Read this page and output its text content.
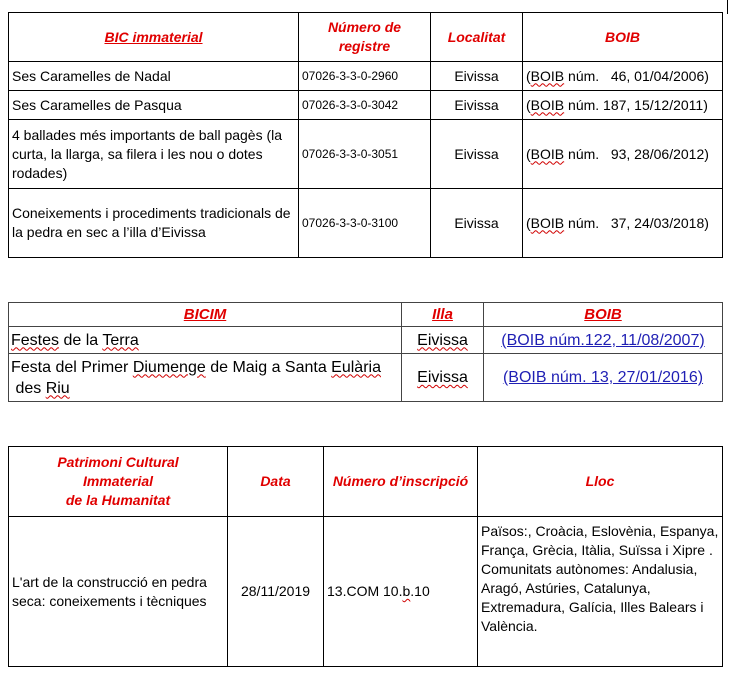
BIC immaterial	Número de registre	Localitat	BOIB
Ses Caramelles de Nadal	07026-3-3-0-2960	Eivissa	(BOIB núm.   46, 01/04/2006)
Ses Caramelles de Pasqua	07026-3-3-0-3042	Eivissa	(BOIB núm. 187, 15/12/2011)
4 ballades més importants de ball pagès (la curta, la llarga, sa filera i les nou o dotes rodades)	07026-3-3-0-3051	Eivissa	(BOIB núm.   93, 28/06/2012)
Coneixements i procediments tradicionals de la pedra en sec a l’illa d’Eivissa	07026-3-3-0-3100	Eivissa	(BOIB núm.   37, 24/03/2018)
BICIM	Illa	BOIB
Festes de la Terra	Eivissa	(BOIB núm.122, 11/08/2007)
Festa del Primer Diumenge de Maig a Santa Eulària des Riu	Eivissa	(BOIB núm. 13, 27/01/2016)
Patrimoni Cultural
Immaterial
de la Humanitat	Data	Número d’inscripció	Lloc
L'art de la construcció en pedra seca: coneixements i tècniques	28/11/2019	13.COM 10.b.10	Països:, Croàcia, Eslovènia, Espanya, França, Grècia, Itàlia, Suïssa i Xipre .
Comunitats autònomes: Andalusia, Aragó, Astúries, Catalunya, Extremadura, Galícia, Illes Balears i València.
